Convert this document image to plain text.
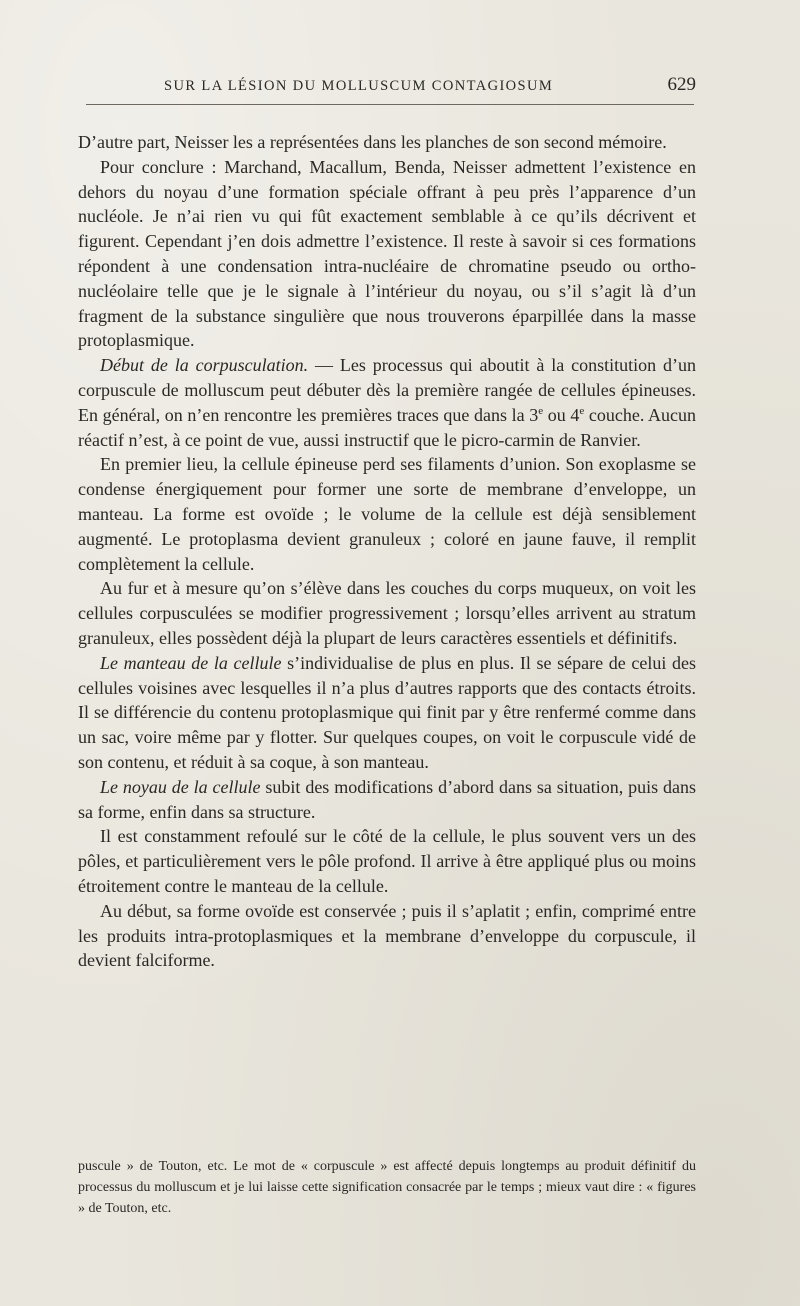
SUR LA LÉSION DU MOLLUSCUM CONTAGIOSUM	629

D’autre part, Neisser les a représentées dans les planches de son second mémoire.

Pour conclure : Marchand, Macallum, Benda, Neisser admettent l’existence en dehors du noyau d’une formation spéciale offrant à peu près l’apparence d’un nucléole. Je n’ai rien vu qui fût exactement semblable à ce qu’ils décrivent et figurent. Cependant j’en dois admettre l’existence. Il reste à savoir si ces formations répondent à une condensation intra-nucléaire de chromatine pseudo ou ortho-nucléolaire telle que je le signale à l’intérieur du noyau, ou s’il s’agit là d’un fragment de la substance singulière que nous trouverons éparpillée dans la masse protoplasmique.

Début de la corpusculation. — Les processus qui aboutit à la constitution d’un corpuscule de molluscum peut débuter dès la première rangée de cellules épineuses. En général, on n’en rencontre les premières traces que dans la 3e ou 4e couche. Aucun réactif n’est, à ce point de vue, aussi instructif que le picro-carmin de Ranvier.

En premier lieu, la cellule épineuse perd ses filaments d’union. Son exoplasme se condense énergiquement pour former une sorte de membrane d’enveloppe, un manteau. La forme est ovoïde ; le volume de la cellule est déjà sensiblement augmenté. Le protoplasma devient granuleux ; coloré en jaune fauve, il remplit complètement la cellule.

Au fur et à mesure qu’on s’élève dans les couches du corps muqueux, on voit les cellules corpusculées se modifier progressivement ; lorsqu’elles arrivent au stratum granuleux, elles possèdent déjà la plupart de leurs caractères essentiels et définitifs.

Le manteau de la cellule s’individualise de plus en plus. Il se sépare de celui des cellules voisines avec lesquelles il n’a plus d’autres rapports que des contacts étroits. Il se différencie du contenu protoplasmique qui finit par y être renfermé comme dans un sac, voire même par y flotter. Sur quelques coupes, on voit le corpuscule vidé de son contenu, et réduit à sa coque, à son manteau.

Le noyau de la cellule subit des modifications d’abord dans sa situation, puis dans sa forme, enfin dans sa structure.

Il est constamment refoulé sur le côté de la cellule, le plus souvent vers un des pôles, et particulièrement vers le pôle profond. Il arrive à être appliqué plus ou moins étroitement contre le manteau de la cellule.

Au début, sa forme ovoïde est conservée ; puis il s’aplatit ; enfin, comprimé entre les produits intra-protoplasmiques et la membrane d’enveloppe du corpuscule, il devient falciforme.

puscule » de Touton, etc. Le mot de « corpuscule » est affecté depuis longtemps au produit définitif du processus du molluscum et je lui laisse cette signification consacrée par le temps ; mieux vaut dire : « figures » de Touton, etc.
